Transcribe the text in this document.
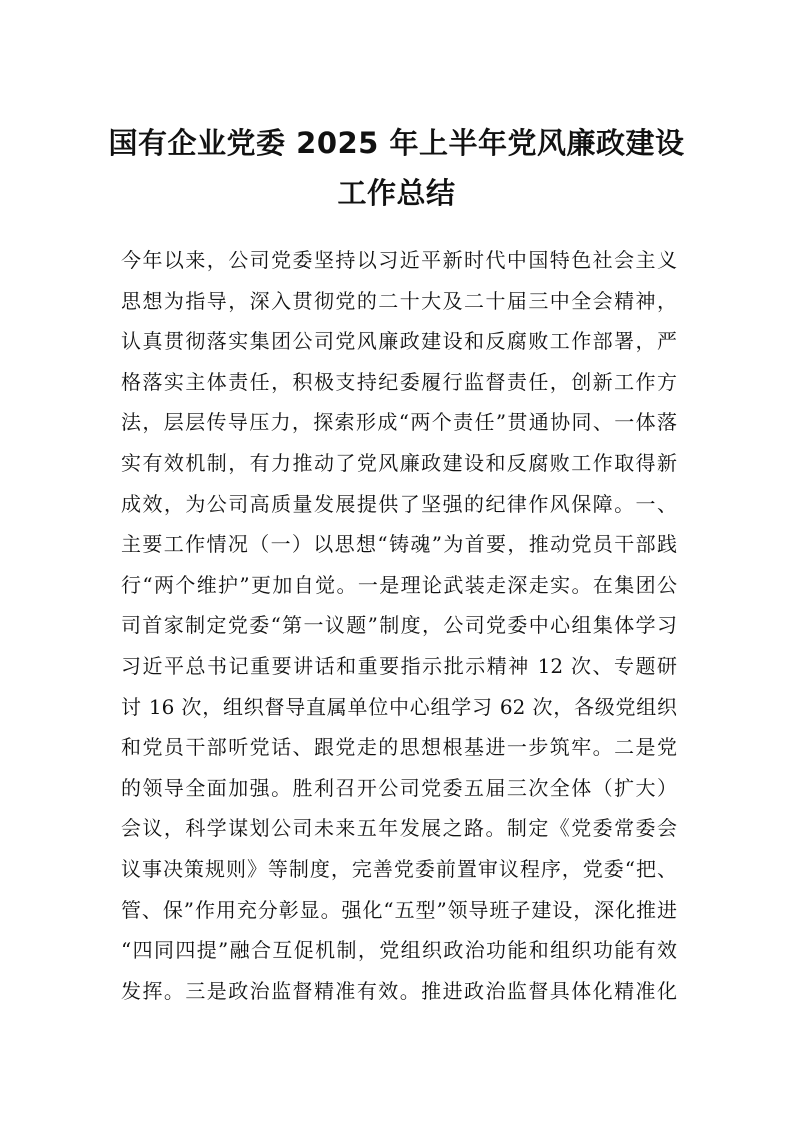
国有企业党委 2025 年上半年党风廉政建设
工作总结
今年以来，公司党委坚持以习近平新时代中国特色社会主义
思想为指导，深入贯彻党的二十大及二十届三中全会精神，
认真贯彻落实集团公司党风廉政建设和反腐败工作部署，严
格落实主体责任，积极支持纪委履行监督责任，创新工作方
法，层层传导压力，探索形成“两个责任”贯通协同、一体落
实有效机制，有力推动了党风廉政建设和反腐败工作取得新
成效，为公司高质量发展提供了坚强的纪律作风保障。一、
主要工作情况（一）以思想“铸魂”为首要，推动党员干部践
行“两个维护”更加自觉。一是理论武装走深走实。在集团公
司首家制定党委“第一议题”制度，公司党委中心组集体学习
习近平总书记重要讲话和重要指示批示精神 12 次、专题研
讨 16 次，组织督导直属单位中心组学习 62 次，各级党组织
和党员干部听党话、跟党走的思想根基进一步筑牢。二是党
的领导全面加强。胜利召开公司党委五届三次全体（扩大）
会议，科学谋划公司未来五年发展之路。制定《党委常委会
议事决策规则》等制度，完善党委前置审议程序，党委“把、
管、保”作用充分彰显。强化“五型”领导班子建设，深化推进
“四同四提”融合互促机制，党组织政治功能和组织功能有效
发挥。三是政治监督精准有效。推进政治监督具体化精准化
